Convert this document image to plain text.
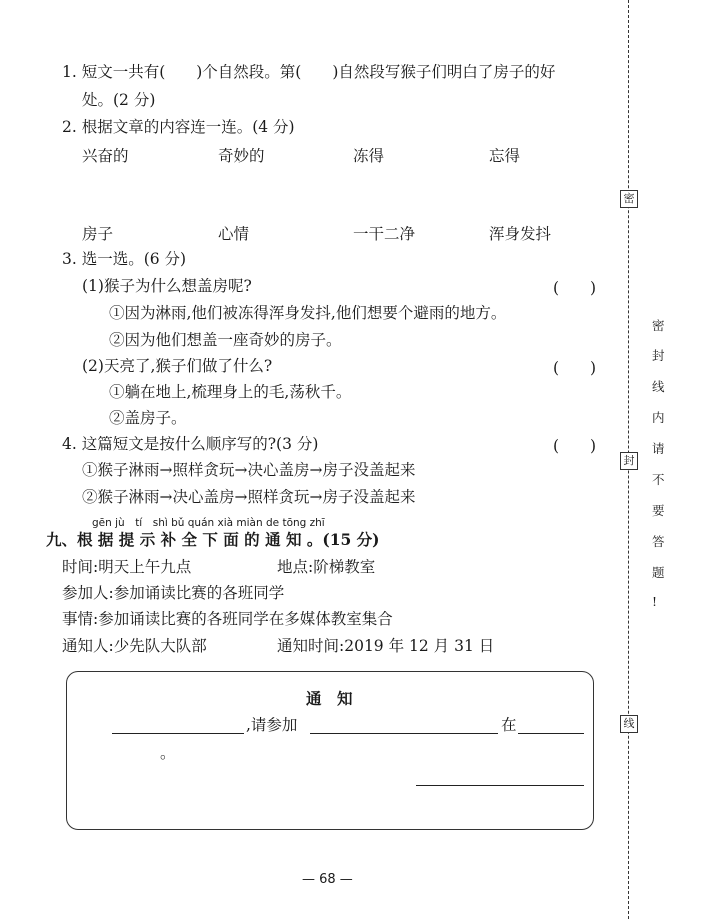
1. 短文一共有(　　)个自然段。第(　　)自然段写猴子们明白了房子的好
处。(2 分)
2. 根据文章的内容连一连。(4 分)
兴奋的	奇妙的	冻得	忘得
房子	心情	一干二净	浑身发抖
3. 选一选。(6 分)
(1)猴子为什么想盖房呢?	(　　)
①因为淋雨,他们被冻得浑身发抖,他们想要个避雨的地方。
②因为他们想盖一座奇妙的房子。
(2)天亮了,猴子们做了什么?	(　　)
①躺在地上,梳理身上的毛,荡秋千。
②盖房子。
4. 这篇短文是按什么顺序写的?(3 分)	(　　)
①猴子淋雨→照样贪玩→决心盖房→房子没盖起来
②猴子淋雨→决心盖房→照样贪玩→房子没盖起来
gēn jù　tí　shì bǔ quán xià miàn de tōng zhī
九、根 据 提 示 补 全 下 面 的 通 知 。(15 分)
时间:明天上午九点	地点:阶梯教室
参加人:参加诵读比赛的各班同学
事情:参加诵读比赛的各班同学在多媒体教室集合
通知人:少先队大队部	通知时间:2019 年 12 月 31 日
通　知
,请参加	在
。
密
封
线
密
封
线
内
请
不
要
答
题
!
— 68 —
